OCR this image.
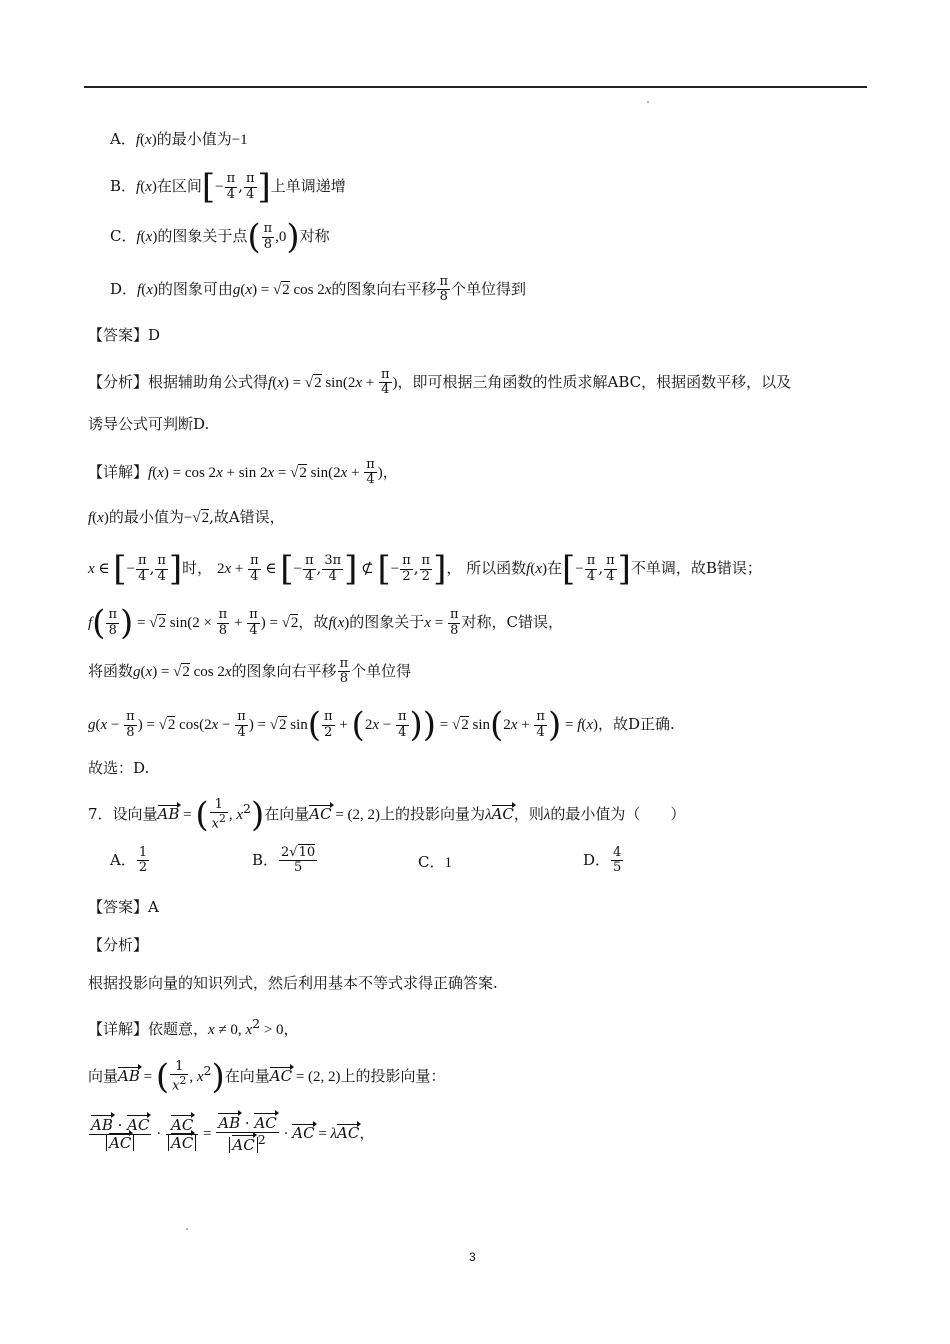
A．f(x)的最小值为−1
B．f(x)在区间[− $\frac{\pi}{4}$ , $\frac{\pi}{4}$ ]上单调递增
C．f(x)的图象关于点( $\frac{\pi}{8} ,0$)对称
D．f(x)的图象可由g(x) = √2 cos 2x的图象向右平移 $\frac{\pi}{8}$ 个单位得到
【答案】D
【分析】根据辅助角公式得f(x) = √2 $\sin(2x + \frac{\pi}{4}$ )，即可根据三角函数的性质求解ABC，根据函数平移，以及
诱导公式可判断D.
【详解】f(x) = cos 2x + sin 2x = √2 $\sin(2x + \frac{\pi}{4}$ )，
f(x)的最小值为−√2,故A错误，
x ∈ [− $\frac{\pi}{4}$ , $\frac{\pi}{4}$ ]时， $2x + \frac{\pi}{4}$ ∈ [− $\frac{\pi}{4}$ , $\frac{3\pi}{4}$ ] ⊄ [− $\frac{\pi}{2}$ , $\frac{\pi}{2}$ ]， 所以函数f(x)在[− $\frac{\pi}{4}$ , $\frac{\pi}{4}$ ]不单调，故B错误；
$f( \frac{\pi}{8}$ ) = √2 $\sin(2 \times \frac{\pi}{8} + \frac{\pi}{4}$ ) = √2，故f(x)的图象关于$x = \frac{\pi}{8}$ 对称，C错误，
将函数g(x) = √2 cos 2x的图象向右平移 $\frac{\pi}{8}$ 个单位得
$g(x - \frac{\pi}{8}$ ) = √2 $\cos(2x - \frac{\pi}{4}$ ) = √2 $\sin( \frac{\pi}{2} + (2x - \frac{\pi}{4}$ )) = √2 $\sin(2x + \frac{\pi}{4}$ ) = f(x)，故D正确.
故选：D.
7．设向量AB = ( $\frac{1}{x^2}$ , $x^2$)在向量AC = (2, 2)上的投影向量为λAC，则λ的最小值为（　　）
A． $\frac{1}{2}$	B． $\frac{2√10}{5}$	C．1	D． $\frac{4}{5}$
【答案】A
【分析】
根据投影向量的知识列式，然后利用基本不等式求得正确答案.
【详解】依题意，x ≠ 0, $x^2 > 0$，
向量AB = ( $\frac{1}{x^2}$ , $x^2$)在向量AC = (2, 2)上的投影向量：
$\frac{AB \cdot AC}{AC} \cdot \frac{AC}{AC} = \frac{AB \cdot AC}{AC ^2}$ · AC = λAC，
3
